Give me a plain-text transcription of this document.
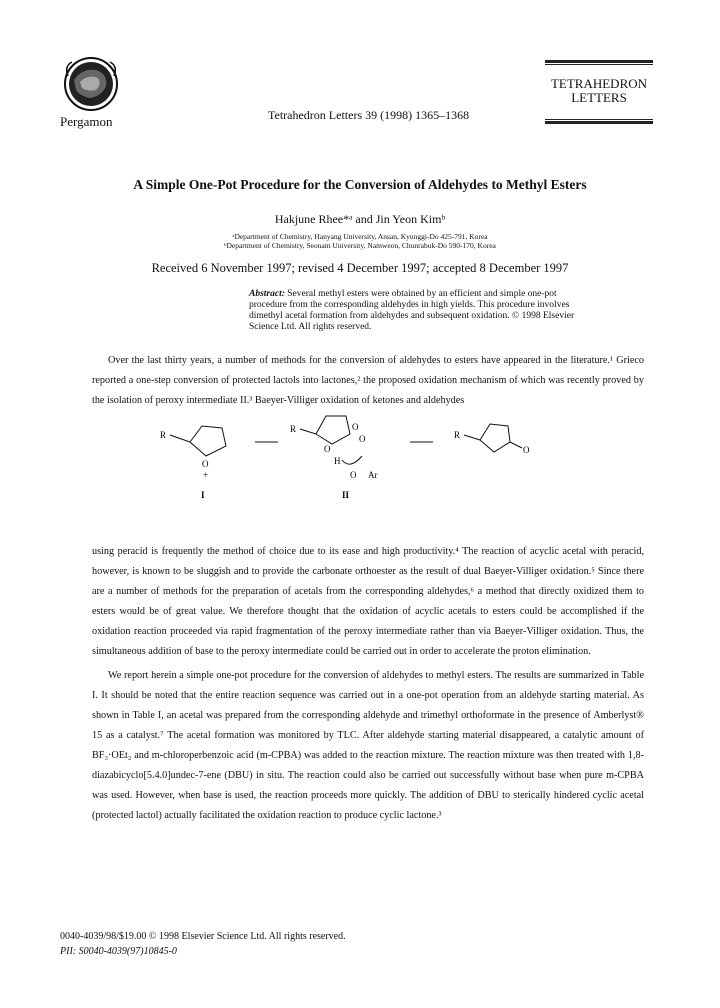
Pergamon	Tetrahedron Letters 39 (1998) 1365–1368
TETRAHEDRON
LETTERS
A Simple One-Pot Procedure for the Conversion of Aldehydes to Methyl Esters
Hakjune Rhee*ᵃ and Jin Yeon Kimᵇ
ᵃDepartment of Chemistry, Hanyang University, Ansan, Kyunggi-Do 425-791, Korea
ᵇDepartment of Chemistry, Seonam University, Namweon, Chunrabuk-Do 590-170, Korea
Received 6 November 1997; revised 4 December 1997; accepted 8 December 1997
Abstract: Several methyl esters were obtained by an efficient and simple one-pot procedure from the corresponding aldehydes in high yields. This procedure involves dimethyl acetal formation from aldehydes and subsequent oxidation. © 1998 Elsevier Science Ltd. All rights reserved.
Over the last thirty years, a number of methods for the conversion of aldehydes to esters have appeared in the literature.¹ Grieco reported a one-step conversion of protected lactols into lactones,² the proposed oxidation mechanism of which was recently proved by the isolation of peroxy intermediate II.³ Baeyer-Villiger oxidation of ketones and aldehydes
R
O
+
I
R	O
O
O
H
O Ar
II
R
O
using peracid is frequently the method of choice due to its ease and high productivity.⁴ The reaction of acyclic acetal with peracid, however, is known to be sluggish and to provide the carbonate orthoester as the result of dual Baeyer-Villiger oxidation.⁵ Since there are a number of methods for the preparation of acetals from the corresponding aldehydes,⁶ a method that directly oxidized them to esters would be of great value. We therefore thought that the oxidation of acyclic acetals to esters could be accomplished if the oxidation reaction proceeded via rapid fragmentation of the peroxy intermediate rather than via Baeyer-Villiger oxidation. Thus, the simultaneous addition of base to the peroxy intermediate could be carried out in order to accelerate the proton elimination.
We report herein a simple one-pot procedure for the conversion of aldehydes to methyl esters. The results are summarized in Table I. It should be noted that the entire reaction sequence was carried out in a one-pot operation from an aldehyde starting material. As shown in Table I, an acetal was prepared from the corresponding aldehyde and trimethyl orthoformate in the presence of Amberlyst® 15 as a catalyst.⁷ The acetal formation was monitored by TLC. After aldehyde starting material disappeared, a catalytic amount of BF₃·OEt₂ and m-chloroperbenzoic acid (m-CPBA) was added to the reaction mixture. The reaction mixture was then treated with 1,8-diazabicyclo[5.4.0]undec-7-ene (DBU) in situ. The reaction could also be carried out successfully without base when pure m-CPBA was used. However, when base is used, the reaction proceeds more quickly. The addition of DBU to sterically hindered cyclic acetal (protected lactol) actually facilitated the oxidation reaction to produce cyclic lactone.³
0040-4039/98/$19.00 © 1998 Elsevier Science Ltd. All rights reserved.
PII: S0040-4039(97)10845-0
